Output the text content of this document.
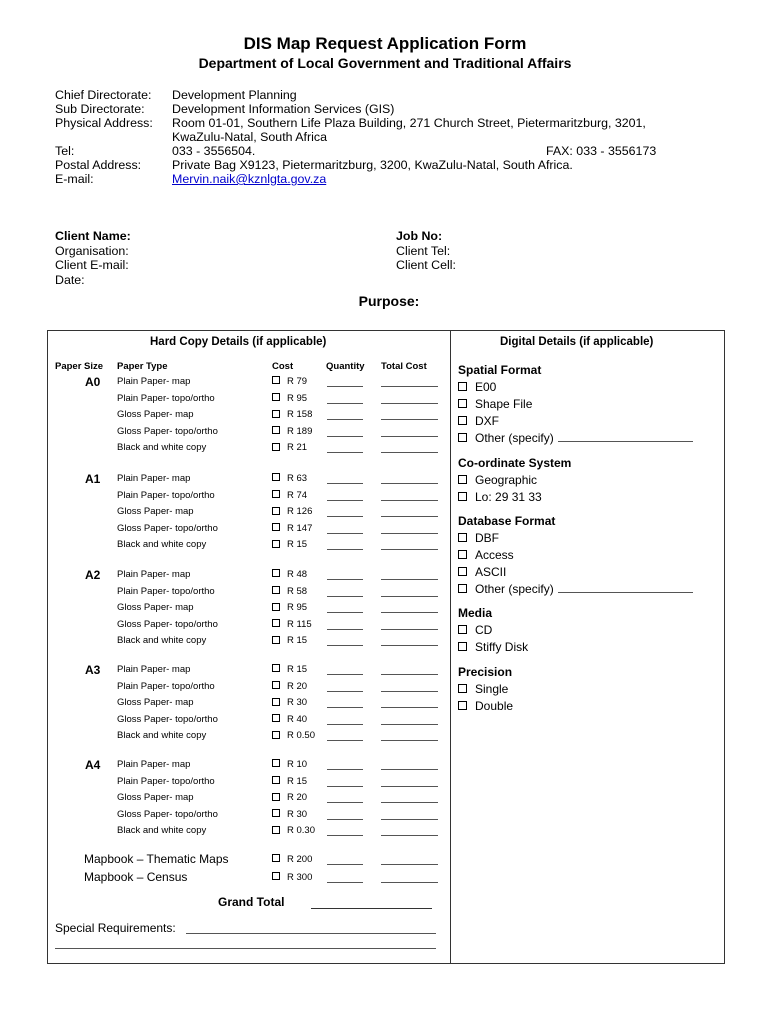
DIS Map Request Application Form
Department of Local Government and Traditional Affairs
Chief Directorate: Development Planning
Sub Directorate: Development Information Services (GIS)
Physical Address: Room 01-01, Southern Life Plaza Building, 271 Church Street, Pietermaritzburg, 3201,
KwaZulu-Natal, South Africa
Tel:	033 - 3556504.	FAX: 033 - 3556173
Postal Address: Private Bag X9123, Pietermaritzburg, 3200, KwaZulu-Natal, South Africa.
E-mail:	Mervin.naik@kznlgta.gov.za
Client Name:
Organisation:
Client E-mail:
Date:
Job No:
Client Tel:
Client Cell:
Purpose:
Hard Copy Details (if applicable)	Digital Details (if applicable)
Paper Size Paper Type	Cost	Quantity Total Cost
A0 Plain Paper- map	R 79
Plain Paper- topo/ortho	R 95
Gloss Paper- map	R 158
Gloss Paper- topo/ortho	R 189
Black and white copy	R 21
A1 Plain Paper- map	R 63
Plain Paper- topo/ortho	R 74
Gloss Paper- map	R 126
Gloss Paper- topo/ortho	R 147
Black and white copy	R 15
A2 Plain Paper- map	R 48
Plain Paper- topo/ortho	R 58
Gloss Paper- map	R 95
Gloss Paper- topo/ortho	R 115
Black and white copy	R 15
A3 Plain Paper- map	R 15
Plain Paper- topo/ortho	R 20
Gloss Paper- map	R 30
Gloss Paper- topo/ortho	R 40
Black and white copy	R 0.50
A4 Plain Paper- map	R 10
Plain Paper- topo/ortho	R 15
Gloss Paper- map	R 20
Gloss Paper- topo/ortho	R 30
Black and white copy	R 0.30
Mapbook – Thematic Maps	R 200
Mapbook – Census	R 300
Grand Total
Special Requirements:
Spatial Format
E00
Shape File
DXF
Other (specify)
Co-ordinate System
Geographic
Lo: 29 31 33
Database Format
DBF
Access
ASCII
Other (specify)
Media
CD
Stiffy Disk
Precision
Single
Double
